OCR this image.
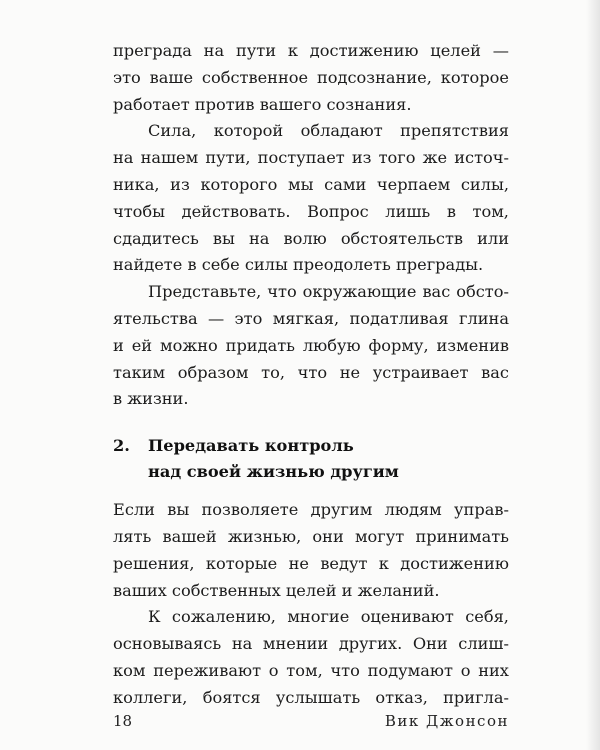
преграда на пути к достижению целей —
это ваше собственное подсознание, которое
работает против вашего сознания.
Сила, которой обладают препятствия
на нашем пути, поступает из того же источ-
ника, из которого мы сами черпаем силы,
чтобы действовать. Вопрос лишь в том,
сдадитесь вы на волю обстоятельств или
найдете в себе силы преодолеть преграды.
Представьте, что окружающие вас обсто-
ятельства — это мягкая, податливая глина
и ей можно придать любую форму, изменив
таким образом то, что не устраивает вас
в жизни.
2.	Передавать контроль
над своей жизнью другим
Если вы позволяете другим людям управ-
лять вашей жизнью, они могут принимать
решения, которые не ведут к достижению
ваших собственных целей и желаний.
К сожалению, многие оценивают себя,
основываясь на мнении других. Они слиш-
ком переживают о том, что подумают о них
коллеги, боятся услышать отказ, пригла-
18	Вик Джонсон
